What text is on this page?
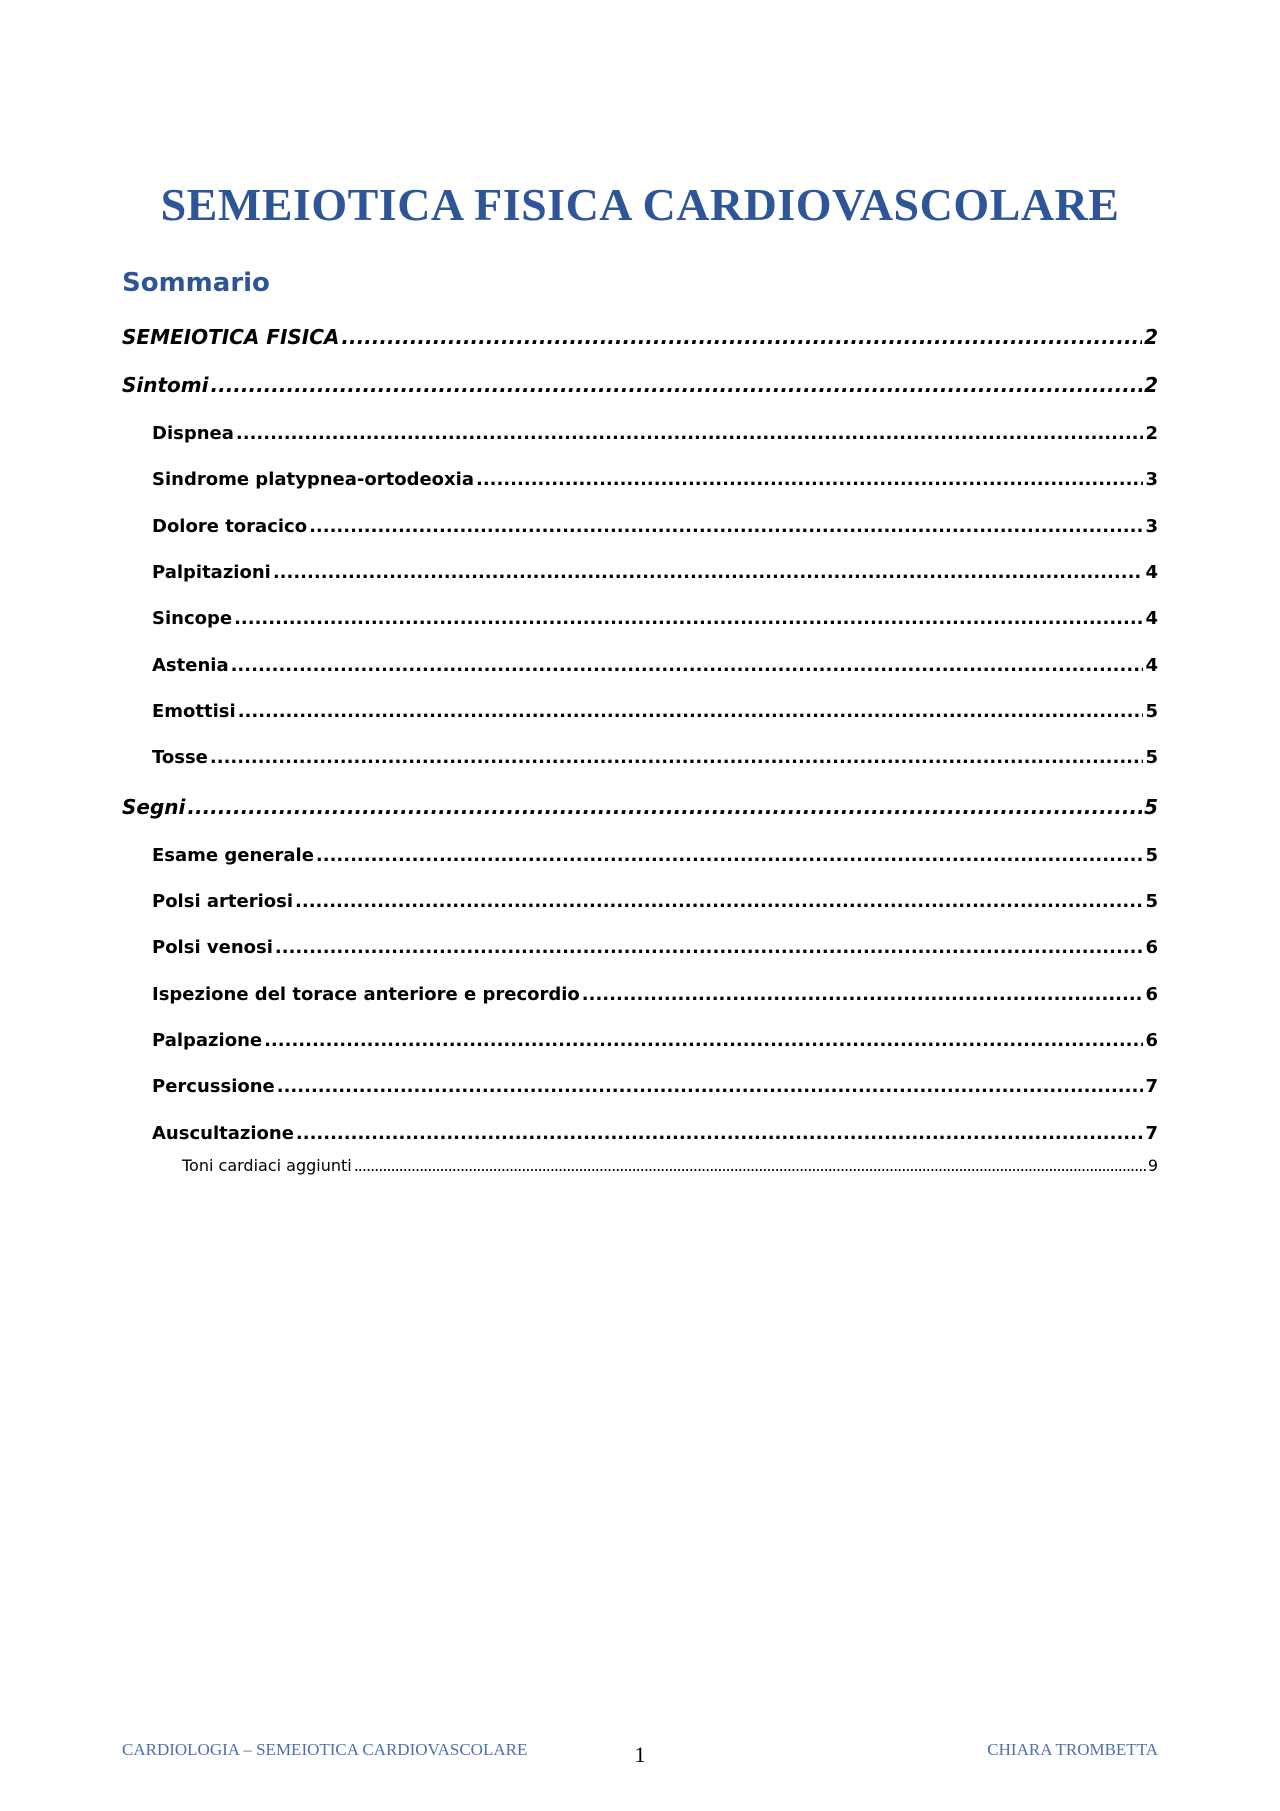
SEMEIOTICA FISICA CARDIOVASCOLARE
Sommario
SEMEIOTICA FISICA .....	2
Sintomi .....	2
Dispnea .....	2
Sindrome platypnea-ortodeoxia .....	3
Dolore toracico .....	3
Palpitazioni .....	4
Sincope .....	4
Astenia .....	4
Emottisi .....	5
Tosse .....	5
Segni .....	5
Esame generale .....	5
Polsi arteriosi .....	5
Polsi venosi .....	6
Ispezione del torace anteriore e precordio .....	6
Palpazione .....	6
Percussione .....	7
Auscultazione .....	7
Toni cardiaci aggiunti .....	9
CARDIOLOGIA – SEMEIOTICA CARDIOVASCOLARE	1	CHIARA TROMBETTA
